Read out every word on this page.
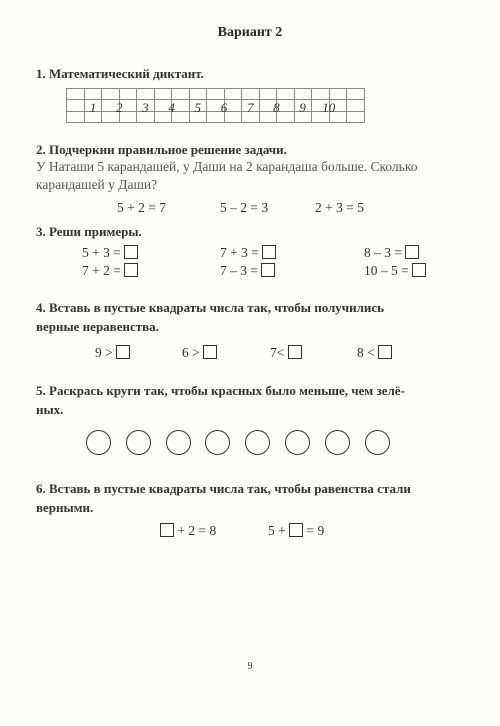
Вариант 2
1. Математический диктант.
1	2	3	4	5	6	7	8	9	10
2. Подчеркни правильное решение задачи.
У Наташи 5 карандашей, у Даши на 2 карандаша больше. Сколько
карандашей у Даши?
5 + 2 = 7	5 – 2 = 3	2 + 3 = 5
3. Реши примеры.
5 + 3 =	7 + 3 =	8 – 3 =
7 + 2 =	7 – 3 =	10 – 5 =
4. Вставь в пустые квадраты числа так, чтобы получились
верные неравенства.
9 >	6 >	7<	8 <
5. Раскрась круги так, чтобы красных было меньше, чем зелё-
ных.
6. Вставь в пустые квадраты числа так, чтобы равенства стали
верными.
+ 2 = 8	5 + = 9
9
